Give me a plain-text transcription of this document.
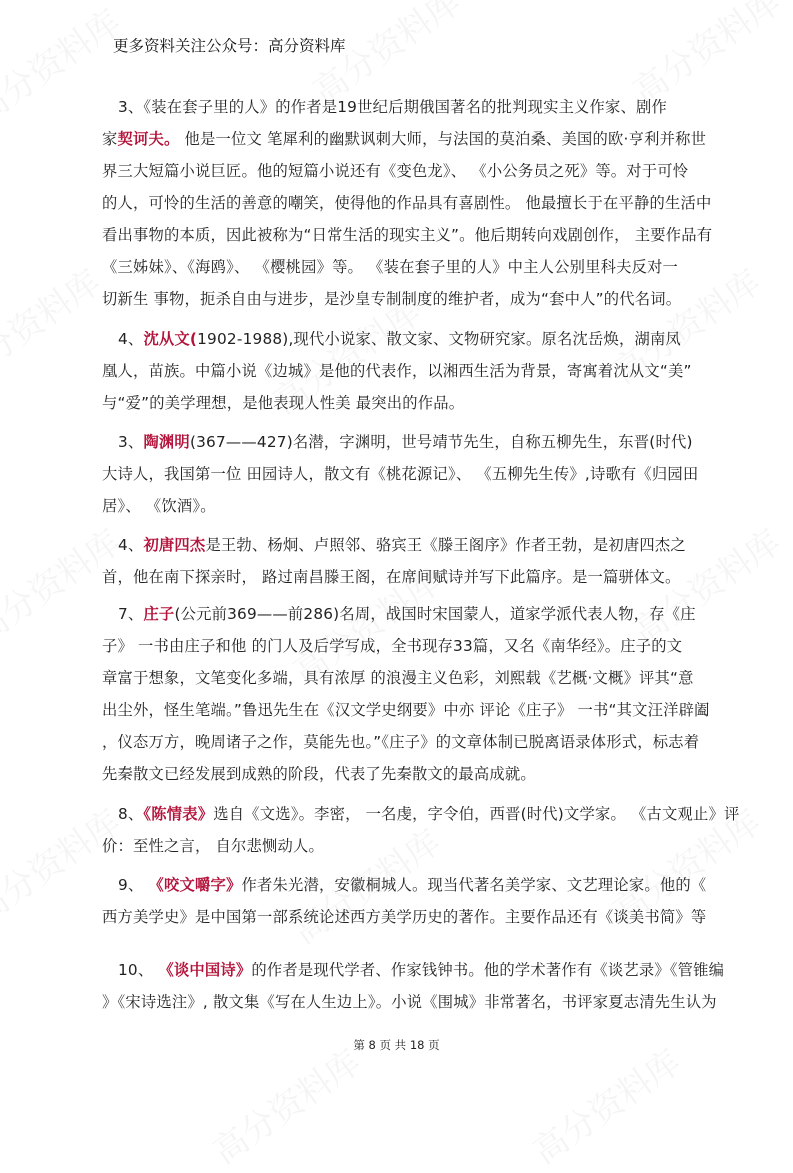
更多资料关注公众号：高分资料库
3、《装在套子里的人》的作者是19世纪后期俄国著名的批判现实主义作家、剧作
家契诃夫。 他是一位文 笔犀利的幽默讽刺大师，与法国的莫泊桑、美国的欧·亨利并称世
界三大短篇小说巨匠。他的短篇小说还有《变色龙》、 《小公务员之死》等。对于可怜
的人，可怜的生活的善意的嘲笑，使得他的作品具有喜剧性。 他最擅长于在平静的生活中
看出事物的本质，因此被称为“日常生活的现实主义”。他后期转向戏剧创作， 主要作品有
《三姊妹》、《海鸥》、 《樱桃园》等。 《装在套子里的人》中主人公别里科夫反对一
切新生 事物，扼杀自由与进步，是沙皇专制制度的维护者，成为“套中人”的代名词。
4、沈从文(1902-1988),现代小说家、散文家、文物研究家。原名沈岳焕，湖南凤
凰人，苗族。中篇小说《边城》是他的代表作，以湘西生活为背景，寄寓着沈从文“美”
与“爱”的美学理想，是他表现人性美 最突出的作品。
3、陶渊明(367——427)名潜，字渊明，世号靖节先生，自称五柳先生，东晋(时代)
大诗人，我国第一位 田园诗人，散文有《桃花源记》、 《五柳先生传》,诗歌有《归园田
居》、 《饮酒》。
4、初唐四杰是王勃、杨炯、卢照邻、骆宾王《滕王阁序》作者王勃，是初唐四杰之
首，他在南下探亲时， 路过南昌滕王阁，在席间赋诗并写下此篇序。是一篇骈体文。
7、庄子(公元前369——前286)名周，战国时宋国蒙人，道家学派代表人物，存《庄
子》 一书由庄子和他 的门人及后学写成，全书现存33篇，又名《南华经》。庄子的文
章富于想象，文笔变化多端，具有浓厚 的浪漫主义色彩，刘熙载《艺概·文概》评其“意
出尘外，怪生笔端。”鲁迅先生在《汉文学史纲要》中亦 评论《庄子》 一书“其文汪洋辟阖
，仪态万方，晚周诸子之作，莫能先也。”《庄子》的文章体制已脱离语录体形式，标志着
先秦散文已经发展到成熟的阶段，代表了先秦散文的最高成就。
8、《陈情表》选自《文选》。李密， 一名虔，字令伯，西晋(时代)文学家。 《古文观止》评
价：至性之言， 自尔悲恻动人。
9、 《咬文嚼字》作者朱光潜，安徽桐城人。现当代著名美学家、文艺理论家。他的《
西方美学史》是中国第一部系统论述西方美学历史的著作。主要作品还有《谈美书简》等
10、 《谈中国诗》的作者是现代学者、作家钱钟书。他的学术著作有《谈艺录》《管锥编
》《宋诗选注》, 散文集《写在人生边上》。小说《围城》非常著名，书评家夏志清先生认为
第 8 页 共 18 页
